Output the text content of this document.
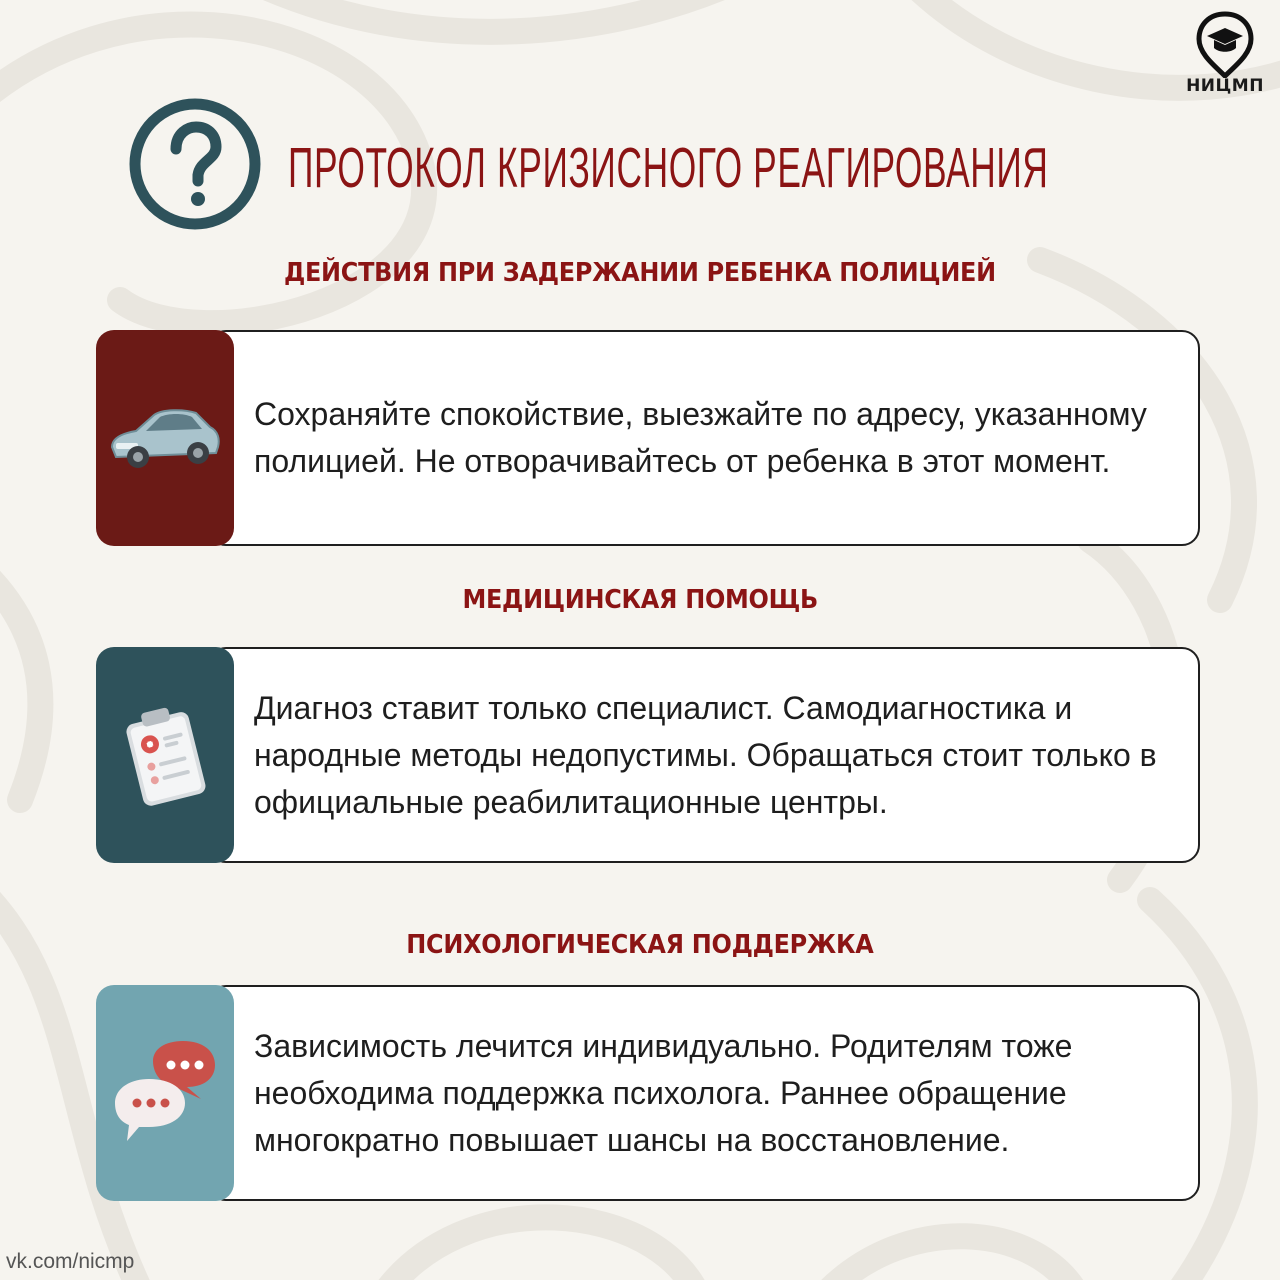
НИЦМП
ПРОТОКОЛ КРИЗИСНОГО РЕАГИРОВАНИЯ
ДЕЙСТВИЯ ПРИ ЗАДЕРЖАНИИ РЕБЕНКА ПОЛИЦИЕЙ
Сохраняйте спокойствие, выезжайте по адресу, указанному полицией. Не отворачивайтесь от ребенка в этот момент.
МЕДИЦИНСКАЯ ПОМОЩЬ
Диагноз ставит только специалист. Самодиагностика и народные методы недопустимы. Обращаться стоит только в официальные реабилитационные центры.
ПСИХОЛОГИЧЕСКАЯ ПОДДЕРЖКА
Зависимость лечится индивидуально. Родителям тоже необходима поддержка психолога. Раннее обращение многократно повышает шансы на восстановление.
vk.com/nicmp
